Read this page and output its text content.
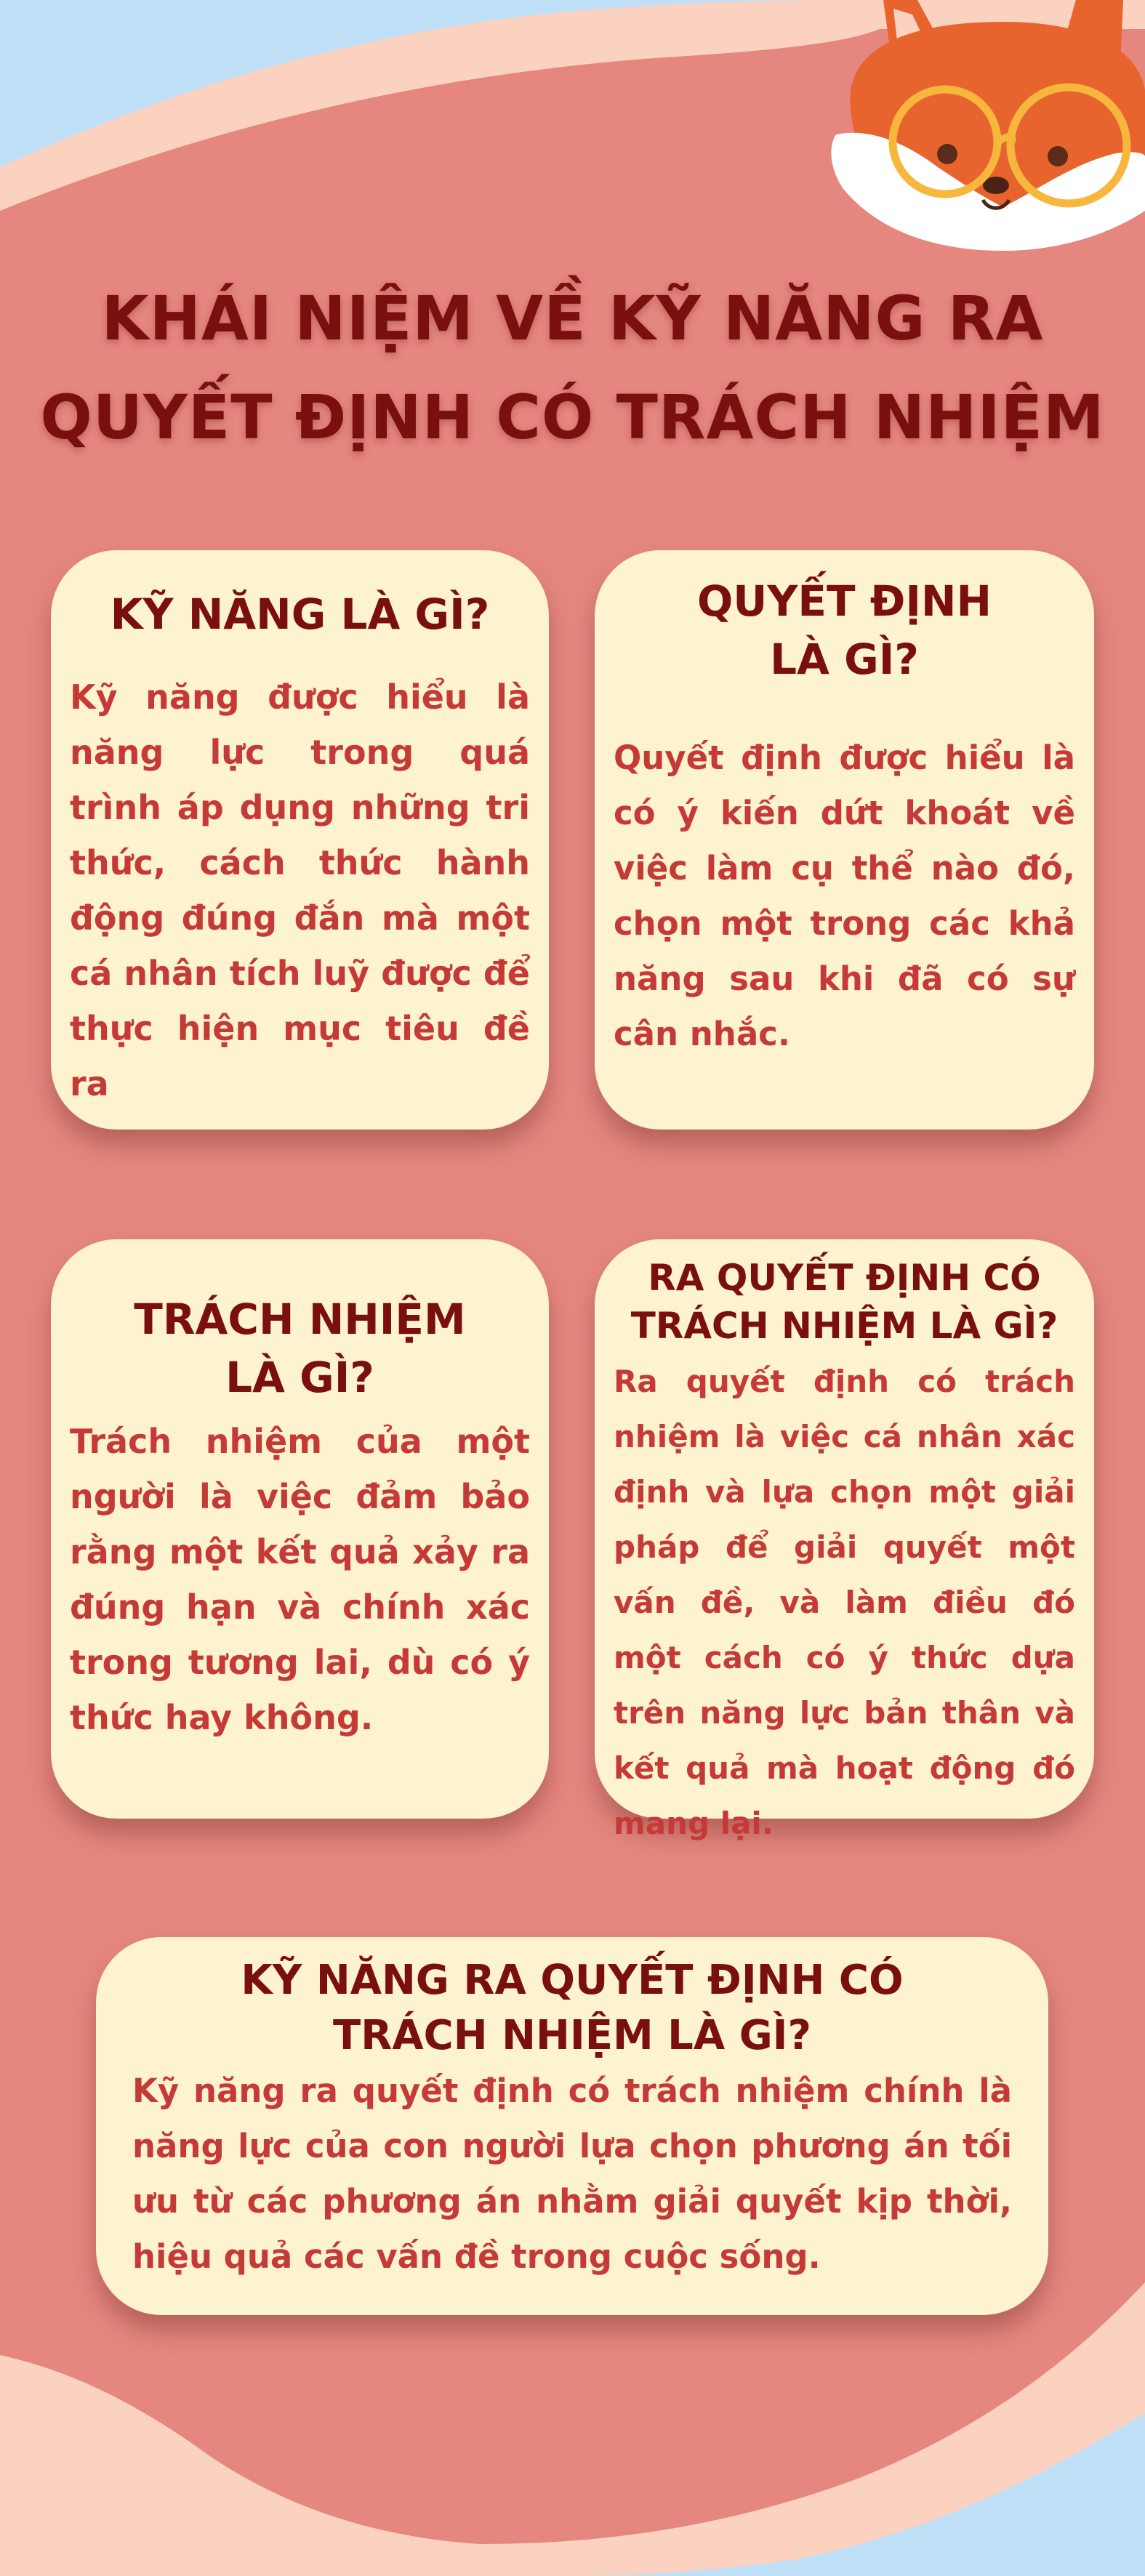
KHÁI NIỆM VỀ KỸ NĂNG RA
QUYẾT ĐỊNH CÓ TRÁCH NHIỆM
KỸ NĂNG LÀ GÌ?

Kỹ năng được hiểu là năng lực trong quá trình áp dụng những tri thức, cách thức hành động đúng đắn mà một cá nhân tích luỹ được để thực hiện mục tiêu đề ra

QUYẾT ĐỊNH
LÀ GÌ?

Quyết định được hiểu là có ý kiến dứt khoát về việc làm cụ thể nào đó, chọn một trong các khả năng sau khi đã có sự cân nhắc.

TRÁCH NHIỆM
LÀ GÌ?

Trách nhiệm của một người là việc đảm bảo rằng một kết quả xảy ra đúng hạn và chính xác trong tương lai, dù có ý thức hay không.

RA QUYẾT ĐỊNH CÓ
TRÁCH NHIỆM LÀ GÌ?

Ra quyết định có trách nhiệm là việc cá nhân xác định và lựa chọn một giải pháp để giải quyết một vấn đề, và làm điều đó một cách có ý thức dựa trên năng lực bản thân và kết quả mà hoạt động đó mang lại.

KỸ NĂNG RA QUYẾT ĐỊNH CÓ
TRÁCH NHIỆM LÀ GÌ?

Kỹ năng ra quyết định có trách nhiệm chính là năng lực của con người lựa chọn phương án tối ưu từ các phương án nhằm giải quyết kịp thời, hiệu quả các vấn đề trong cuộc sống.
